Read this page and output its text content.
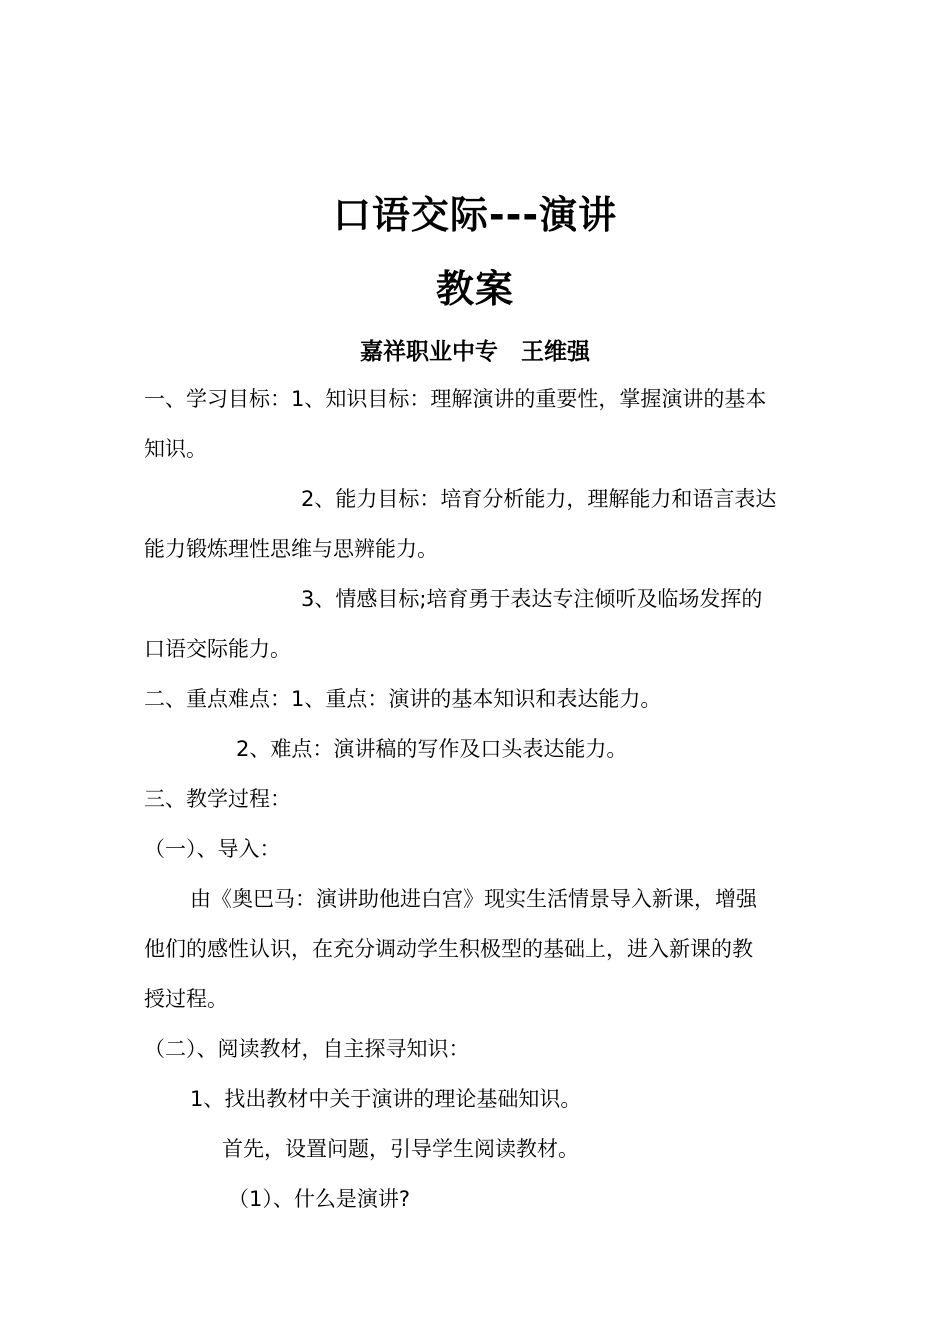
口语交际---演讲
教案
嘉祥职业中专　王维强
一、学习目标：1、知识目标：理解演讲的重要性，掌握演讲的基本
知识。
2、能力目标：培育分析能力，理解能力和语言表达
能力锻炼理性思维与思辨能力。
3、情感目标;培育勇于表达专注倾听及临场发挥的
口语交际能力。
二、重点难点：1、重点：演讲的基本知识和表达能力。
2、难点：演讲稿的写作及口头表达能力。
三、教学过程：
（一）、导入：
由《奥巴马：演讲助他进白宫》现实生活情景导入新课，增强
他们的感性认识，在充分调动学生积极型的基础上，进入新课的教
授过程。
（二）、阅读教材，自主探寻知识：
1、找出教材中关于演讲的理论基础知识。
首先，设置问题，引导学生阅读教材。
（1）、什么是演讲?
